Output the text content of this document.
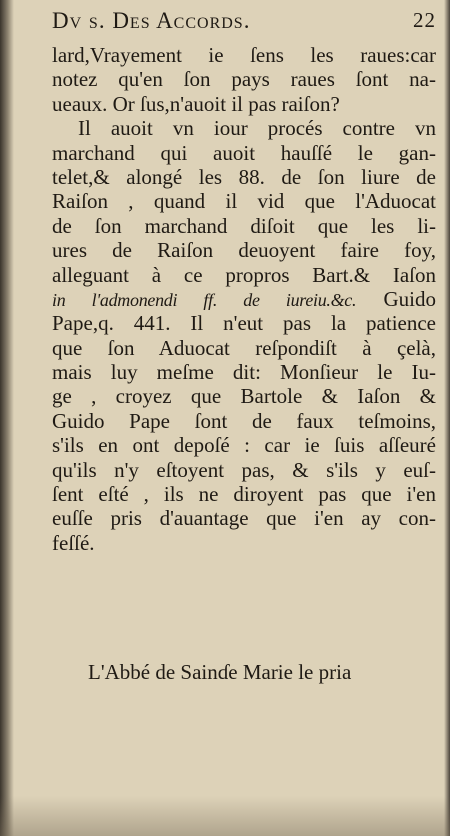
Dv s. Des Accords.	22
lard,Vrayement ie ſens les raues:car
notez qu'en ſon pays raues ſont na-
ueaux. Or ſus,n'auoit il pas raiſon?
Il auoit vn iour procés contre vn
marchand qui auoit hauſſé le gan-
telet,& alongé les 88. de ſon liure de
Raiſon , quand il vid que l'Aduocat
de ſon marchand diſoit que les li-
ures de Raiſon deuoyent faire foy,
alleguant à ce propros Bart.& Iaſon
in l'admonendi ff. de iureiu.&c. Guido
Pape,q. 441. Il n'eut pas la patience
que ſon Aduocat reſpondiſt à çelà,
mais luy meſme dit: Monſieur le Iu-
ge , croyez que Bartole & Iaſon &
Guido Pape ſont de faux teſmoins,
s'ils en ont depoſé : car ie ſuis aſſeuré
qu'ils n'y eſtoyent pas, & s'ils y euſ-
ſent eſté , ils ne diroyent pas que i'en
euſſe pris d'auantage que i'en ay con-
feſſé.
L'Abbé de Sainɗe Marie le pria
